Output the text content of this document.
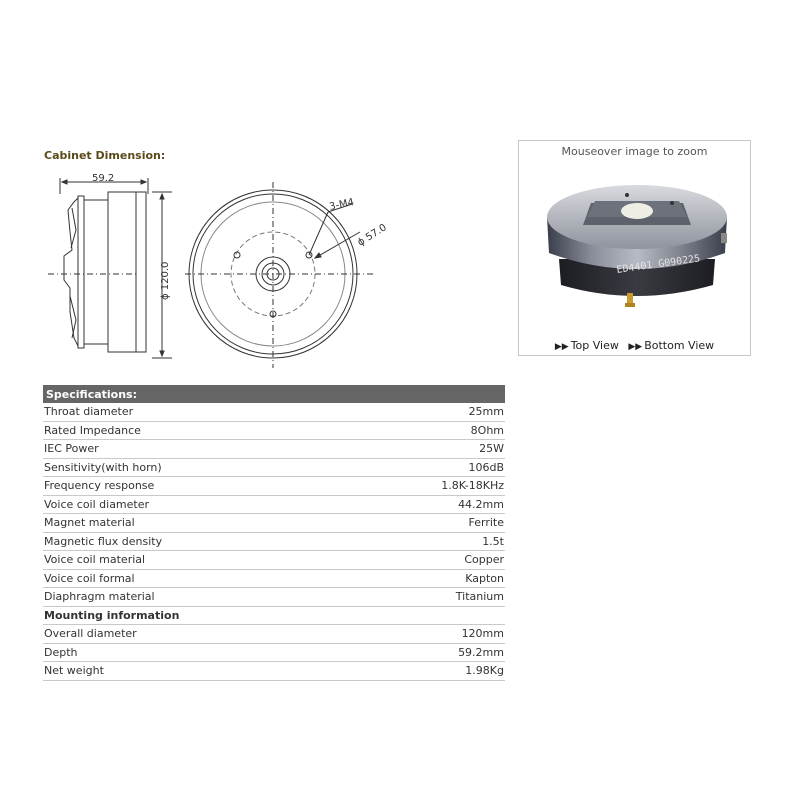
Cabinet Dimension:
59.2
ϕ 120.0
3-M4
ϕ 57.0
Mouseover image to zoom
ED4401 G090225
▶▶ Top View ▶▶ Bottom View
Specifications:	
Throat diameter	25mm
Rated Impedance	8Ohm
IEC Power	25W
Sensitivity(with horn)	106dB
Frequency response	1.8K-18KHz
Voice coil diameter	44.2mm
Magnet material	Ferrite
Magnetic flux density	1.5t
Voice coil material	Copper
Voice coil formal	Kapton
Diaphragm material	Titanium
Mounting information	
Overall diameter	120mm
Depth	59.2mm
Net weight	1.98Kg
